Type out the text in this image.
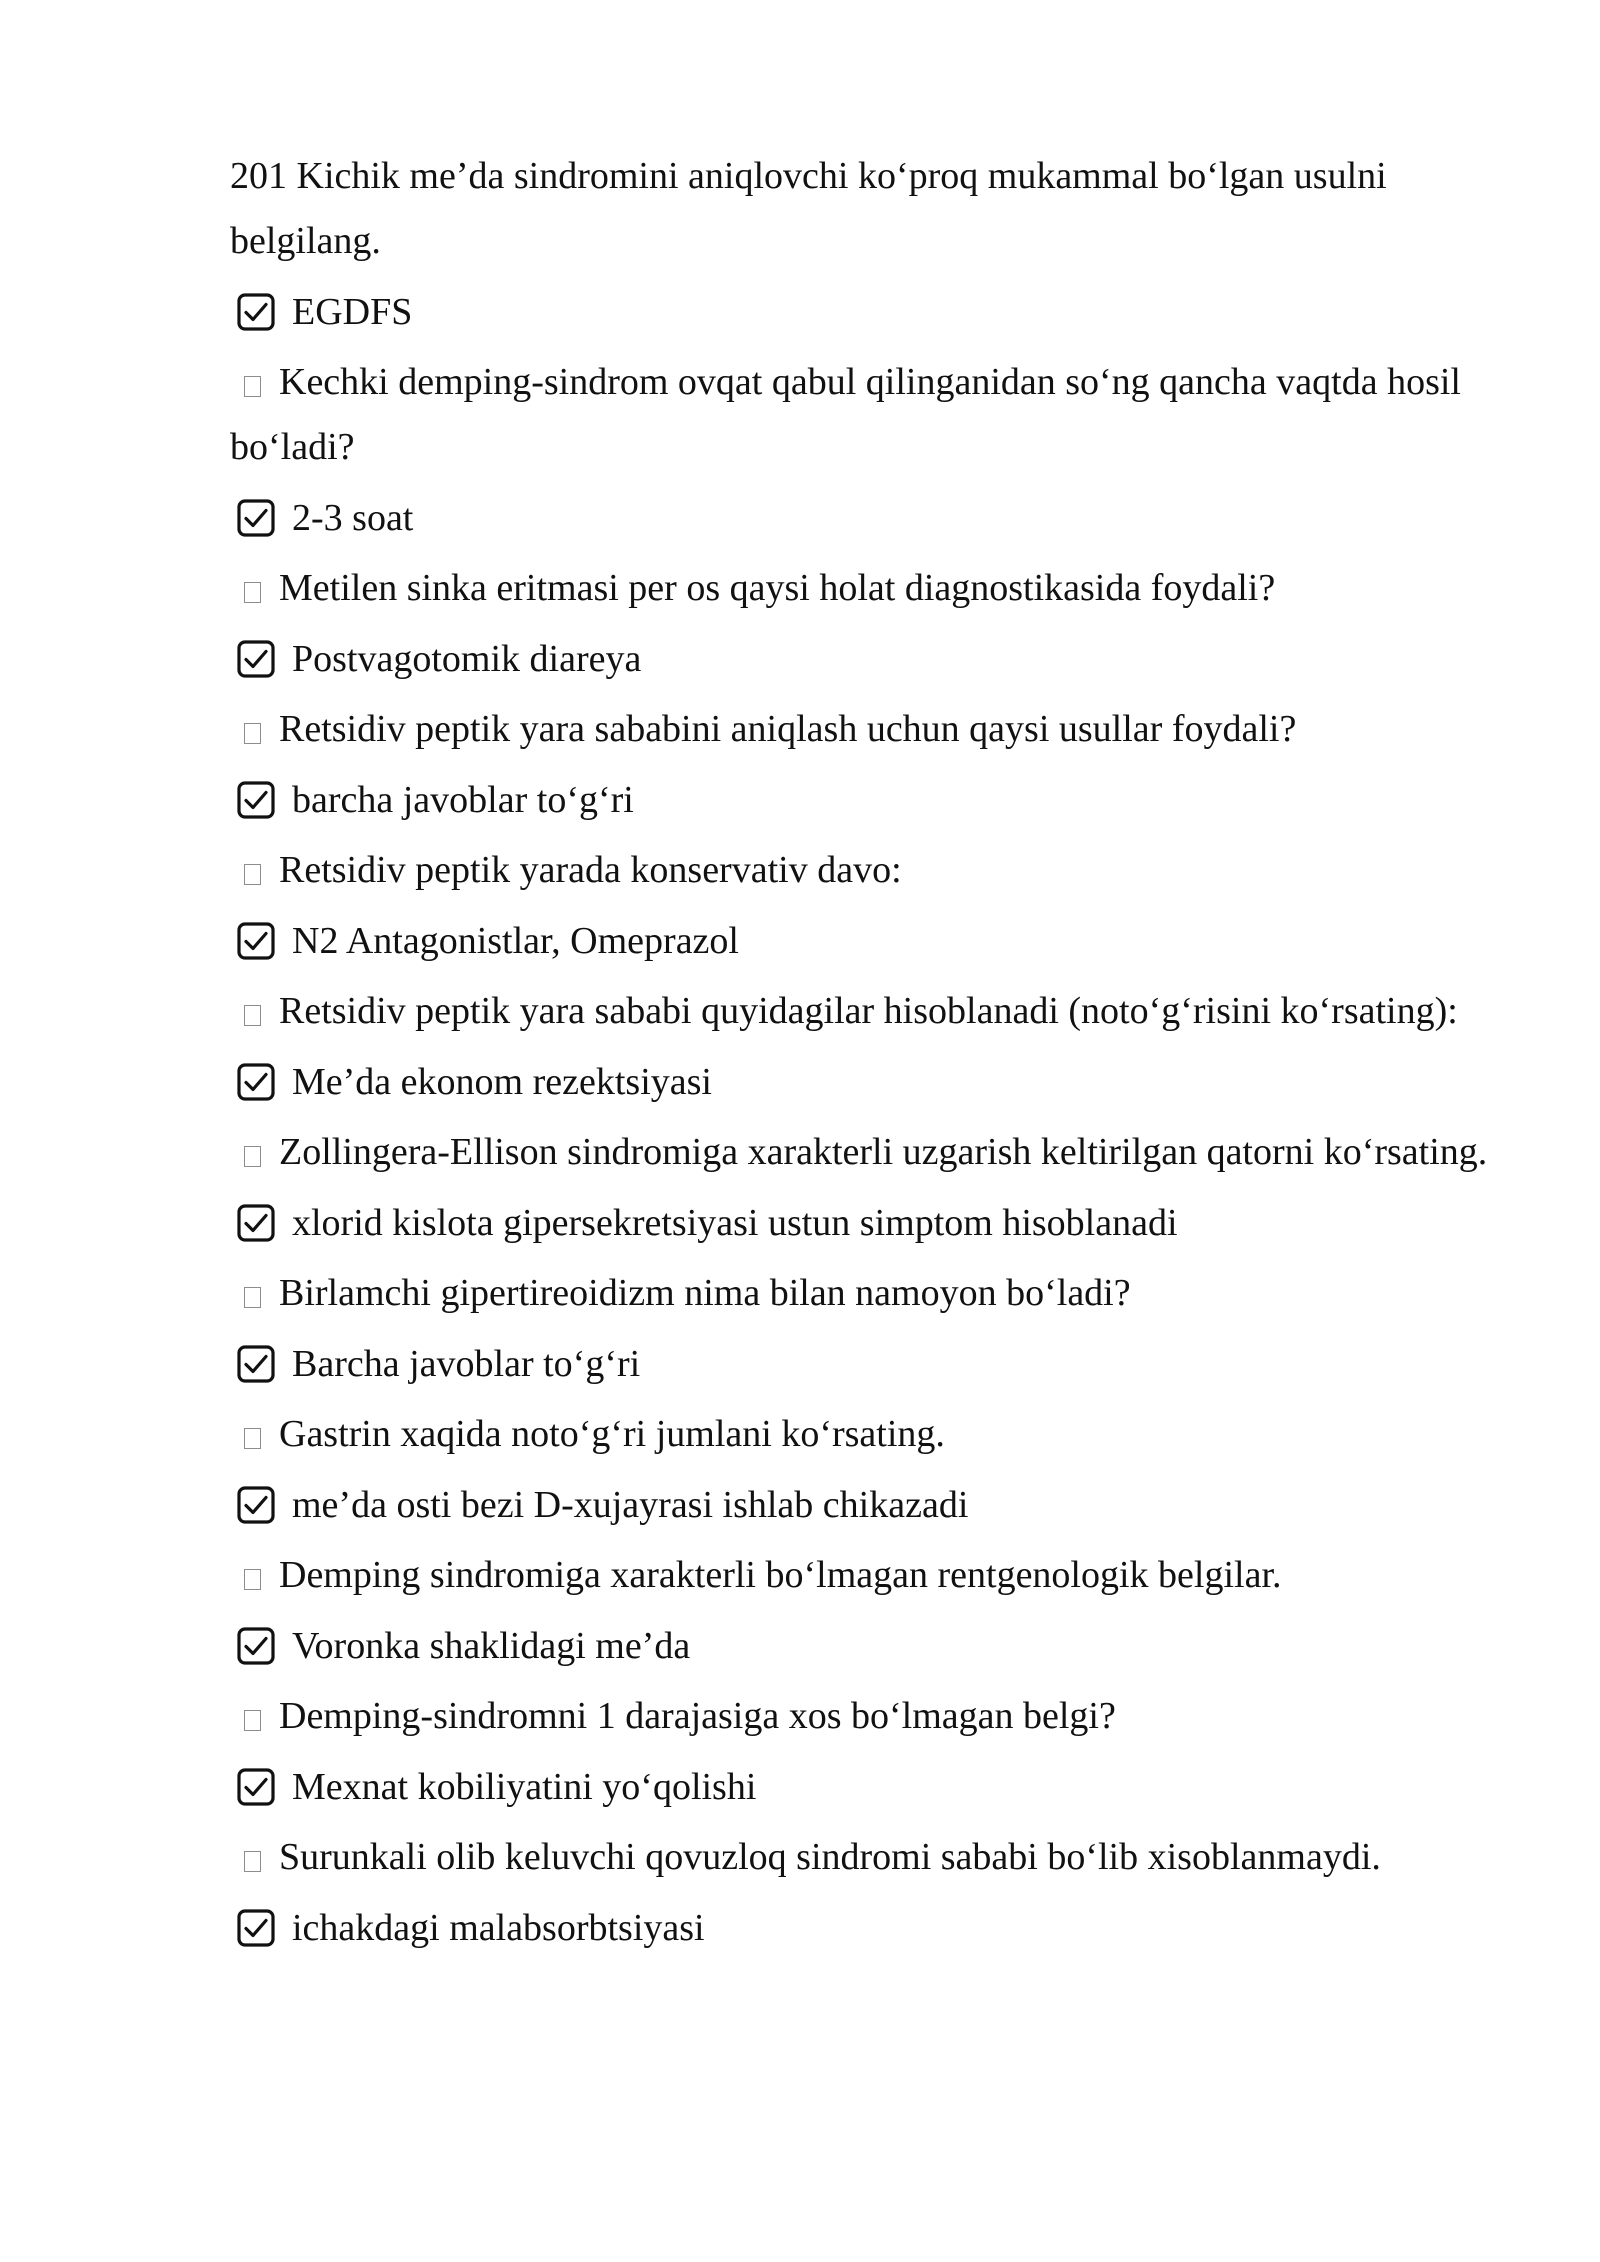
201 Kichik me’da sindromini aniqlovchi ko‘proq mukammal bo‘lgan usulni belgilang.

EGDFS

Kechki demping-sindrom ovqat qabul qilinganidan so‘ng qancha vaqtda hosil bo‘ladi?

2-3 soat

Metilen sinka eritmasi per os qaysi holat diagnostikasida foydali?

Postvagotomik diareya

Retsidiv peptik yara sababini aniqlash uchun qaysi usullar foydali?

barcha javoblar to‘g‘ri

Retsidiv peptik yarada konservativ davo:

N2 Antagonistlar, Omeprazol

Retsidiv peptik yara sababi quyidagilar hisoblanadi (noto‘g‘risini ko‘rsating):

Me’da ekonom rezektsiyasi

Zollingera-Ellison sindromiga xarakterli uzgarish keltirilgan qatorni ko‘rsating.

xlorid kislota gipersekretsiyasi ustun simptom hisoblanadi

Birlamchi gipertireoidizm nima bilan namoyon bo‘ladi?

Barcha javoblar to‘g‘ri

Gastrin xaqida noto‘g‘ri jumlani ko‘rsating.

me’da osti bezi D-xujayrasi ishlab chikazadi

Demping sindromiga xarakterli bo‘lmagan rentgenologik belgilar.

Voronka shaklidagi me’da

Demping-sindromni 1 darajasiga xos bo‘lmagan belgi?

Mexnat kobiliyatini yo‘qolishi

Surunkali olib keluvchi qovuzloq sindromi sababi bo‘lib xisoblanmaydi.

ichakdagi malabsorbtsiyasi
